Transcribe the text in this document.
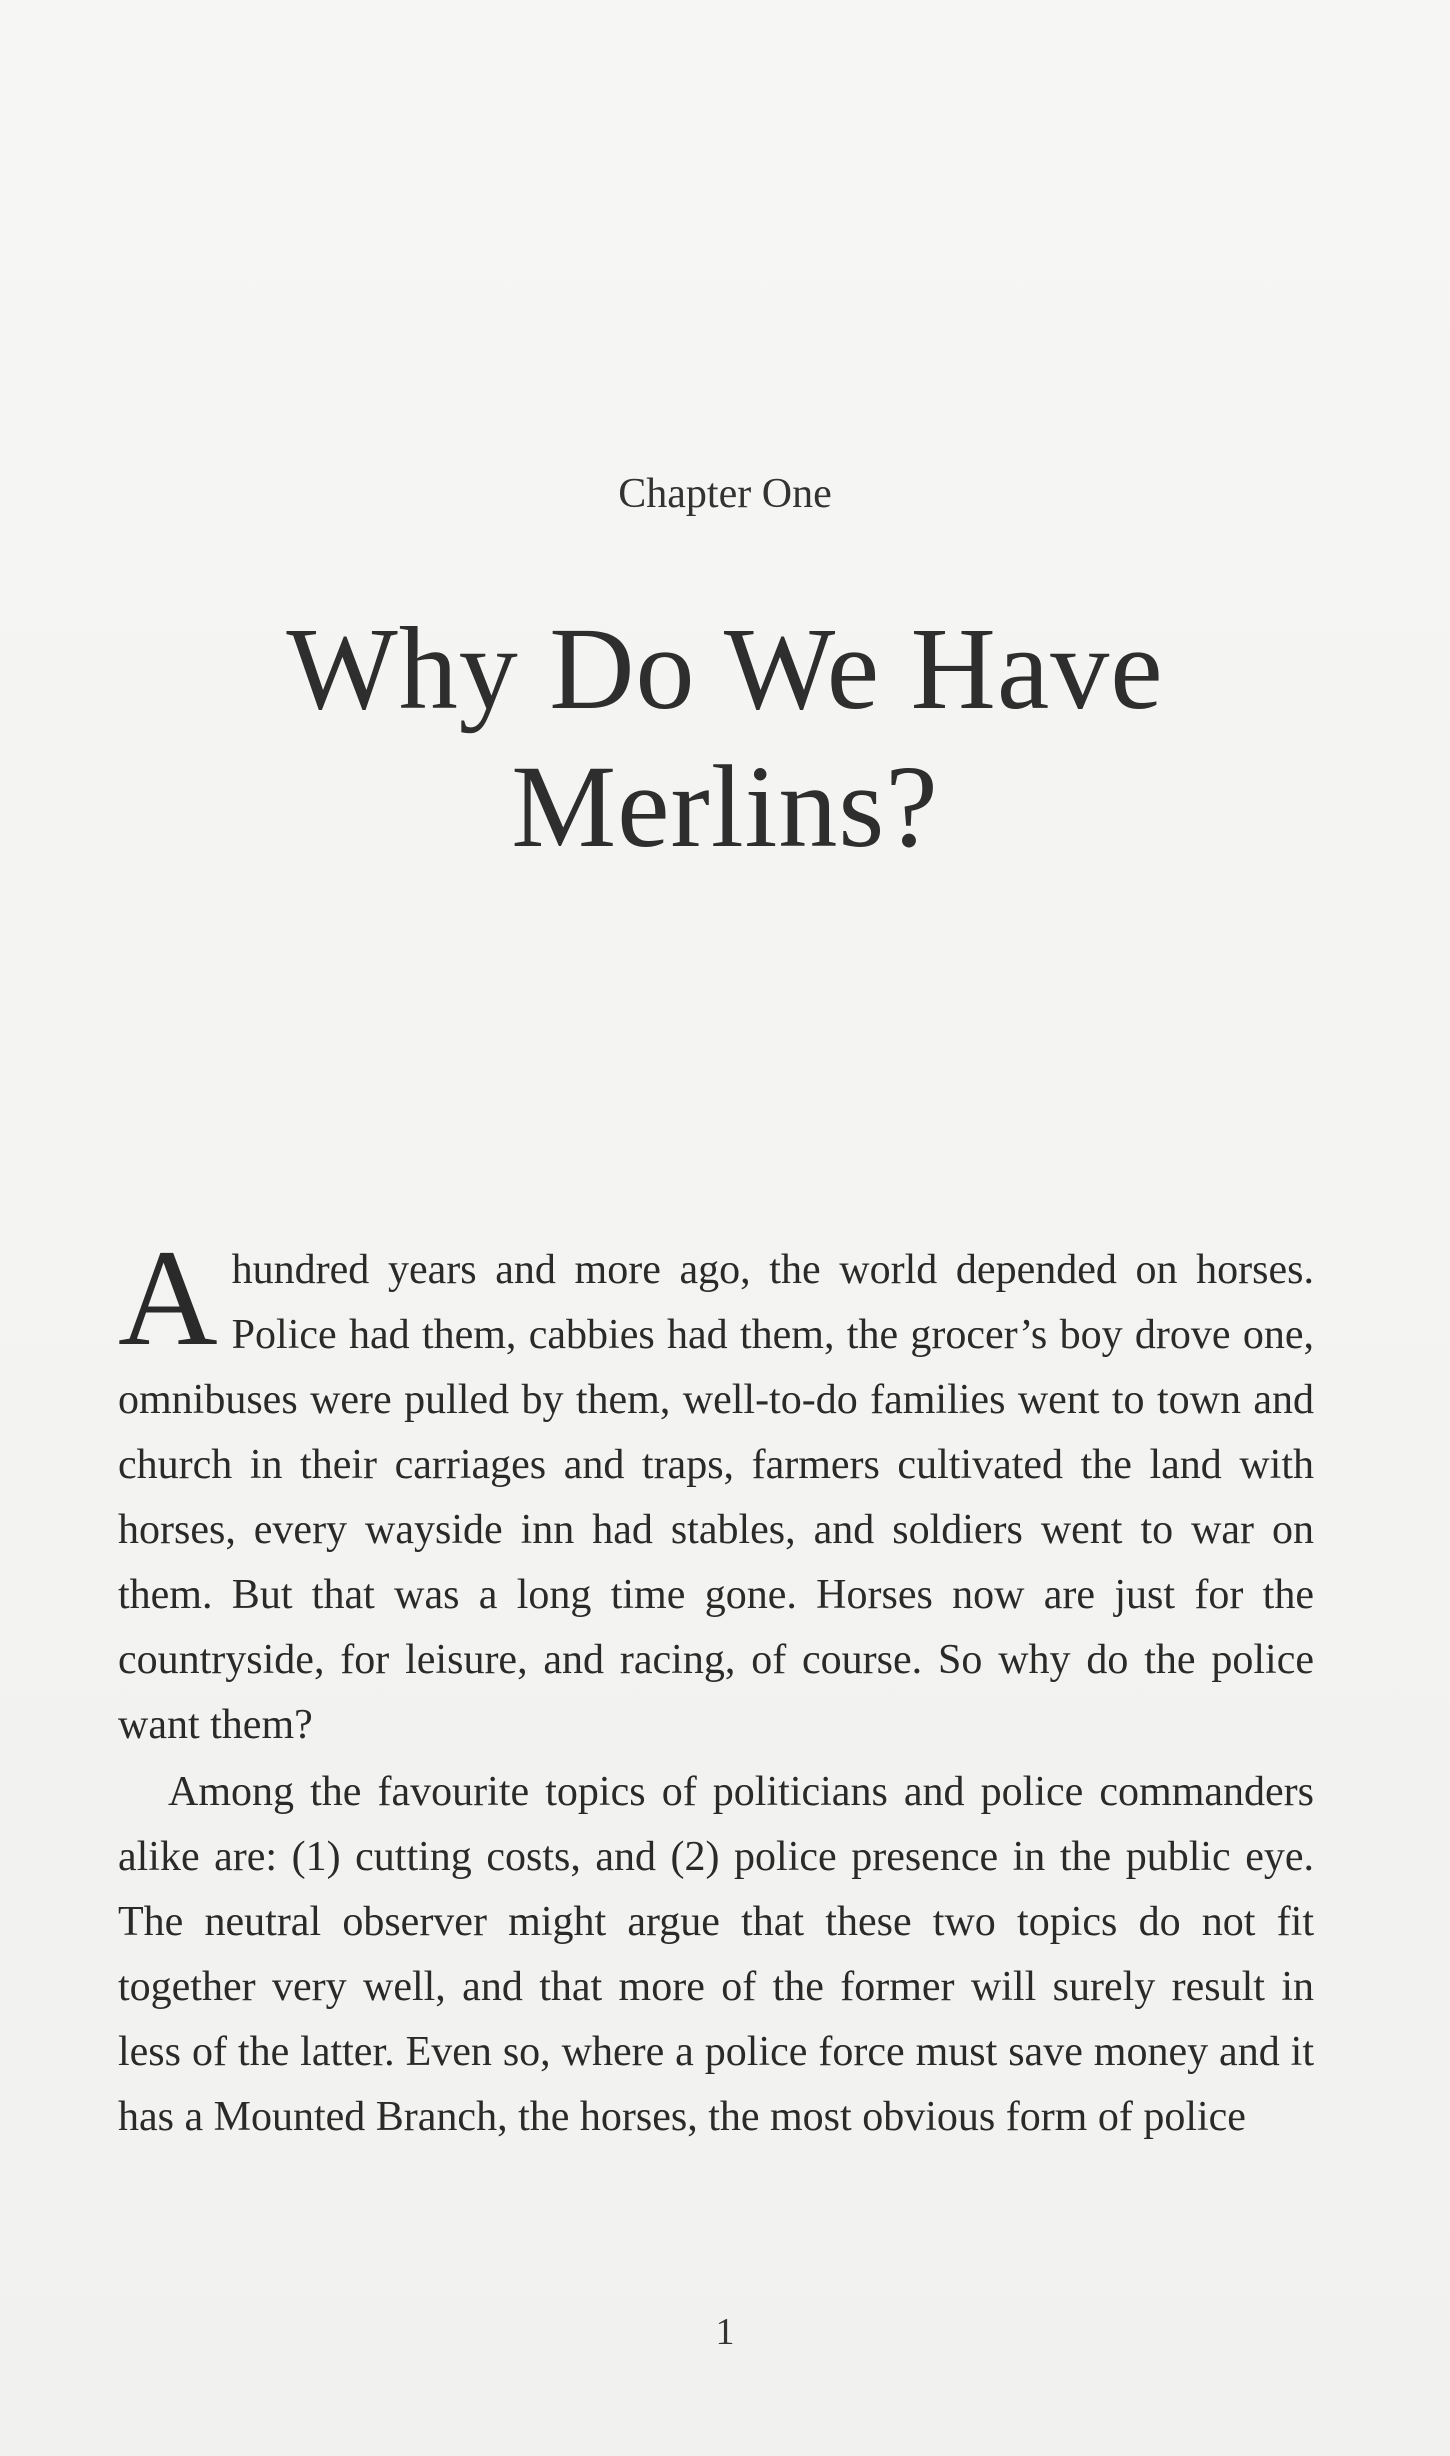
Chapter One
Why Do We Have
Merlins?

Ahundred years and more ago, the world depended on horses. Police had them, cabbies had them, the grocer’s boy drove one, omnibuses were pulled by them, well-to-do families went to town and church in their carriages and traps, farmers cultivated the land with horses, every wayside inn had stables, and soldiers went to war on them. But that was a long time gone. Horses now are just for the countryside, for leisure, and racing, of course. So why do the police want them?

Among the favourite topics of politicians and police commanders alike are: (1) cutting costs, and (2) police presence in the public eye. The neutral observer might argue that these two topics do not fit together very well, and that more of the former will surely result in less of the latter. Even so, where a police force must save money and it has a Mounted Branch, the horses, the most obvious form of police

1
